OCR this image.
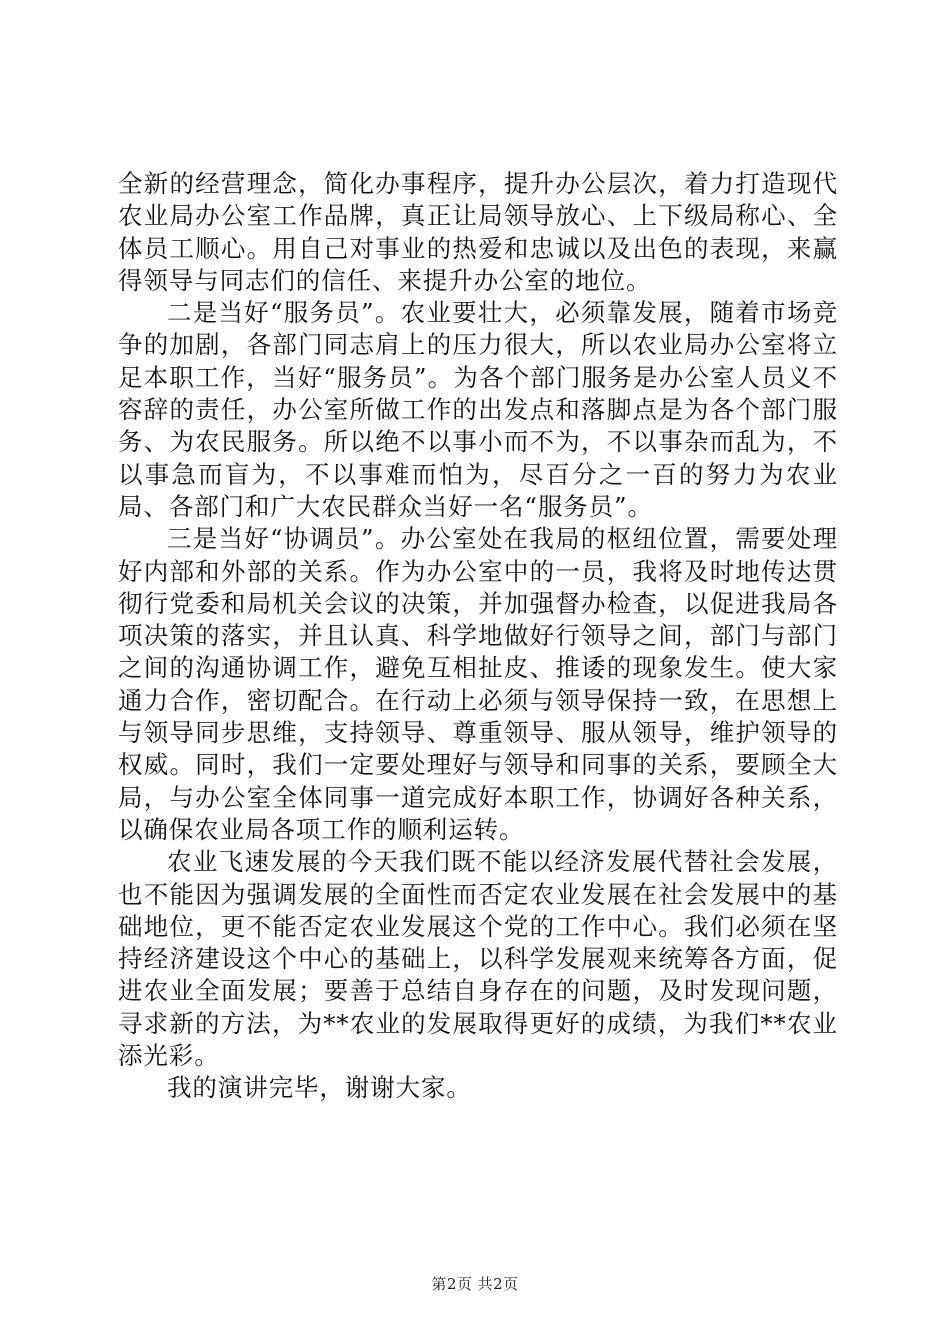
全新的经营理念，简化办事程序，提升办公层次，着力打造现代农业局办公室工作品牌，真正让局领导放心、上下级局称心、全体员工顺心。用自己对事业的热爱和忠诚以及出色的表现，来赢得领导与同志们的信任、来提升办公室的地位。

二是当好“服务员”。农业要壮大，必须靠发展，随着市场竞争的加剧，各部门同志肩上的压力很大，所以农业局办公室将立足本职工作，当好“服务员”。为各个部门服务是办公室人员义不容辞的责任，办公室所做工作的出发点和落脚点是为各个部门服务、为农民服务。所以绝不以事小而不为，不以事杂而乱为，不以事急而盲为，不以事难而怕为，尽百分之一百的努力为农业局、各部门和广大农民群众当好一名“服务员”。

三是当好“协调员”。办公室处在我局的枢纽位置，需要处理好内部和外部的关系。作为办公室中的一员，我将及时地传达贯彻行党委和局机关会议的决策，并加强督办检查，以促进我局各项决策的落实，并且认真、科学地做好行领导之间，部门与部门之间的沟通协调工作，避免互相扯皮、推诿的现象发生。使大家通力合作，密切配合。在行动上必须与领导保持一致，在思想上与领导同步思维，支持领导、尊重领导、服从领导，维护领导的权威。同时，我们一定要处理好与领导和同事的关系，要顾全大局，与办公室全体同事一道完成好本职工作，协调好各种关系，以确保农业局各项工作的顺利运转。

农业飞速发展的今天我们既不能以经济发展代替社会发展，也不能因为强调发展的全面性而否定农业发展在社会发展中的基础地位，更不能否定农业发展这个党的工作中心。我们必须在坚持经济建设这个中心的基础上，以科学发展观来统筹各方面，促进农业全面发展；要善于总结自身存在的问题，及时发现问题，寻求新的方法，为**农业的发展取得更好的成绩，为我们**农业添光彩。

我的演讲完毕，谢谢大家。

第2页 共2页
